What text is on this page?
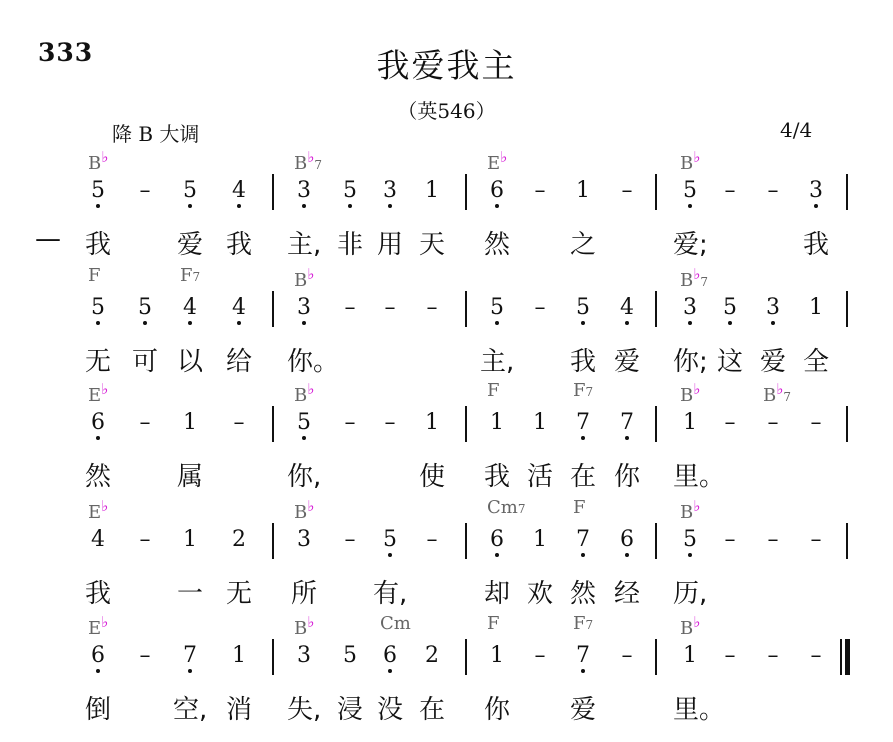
333	我爱我主
（英546）
降 B 大调	4/4
B♭	B♭7	E♭	B♭
5 – 5 4 3 5 3 1 6 – 1 – 5 – – 3
— 我	爱 我 主, 非 用 天 然 之	爱;	我
F	F7	B♭	B♭7
5 5 4 4 3 – – – 5 – 5 4 3 5 3 1
无 可 以 给 你。	主, 我 爱 你; 这 爱 全
E♭	B♭	F	F7	B♭	B♭7
6 – 1 – 5 – – 1 1 1 7 7 1 – – –
然	属	你,	使 我 活 在 你 里。
E♭	B♭	Cm7	F	B♭
4 – 1 2 3 – 5 – 6 1 7 6 5 – – –
我	一 无 所 有,	却 欢 然 经 历,
E♭	B♭	Cm	F	F7	B♭
6 – 7 1 3 5 6 2 1 – 7 – 1 – – –
倒 空, 消 失, 浸 没 在 你 爱	里。
